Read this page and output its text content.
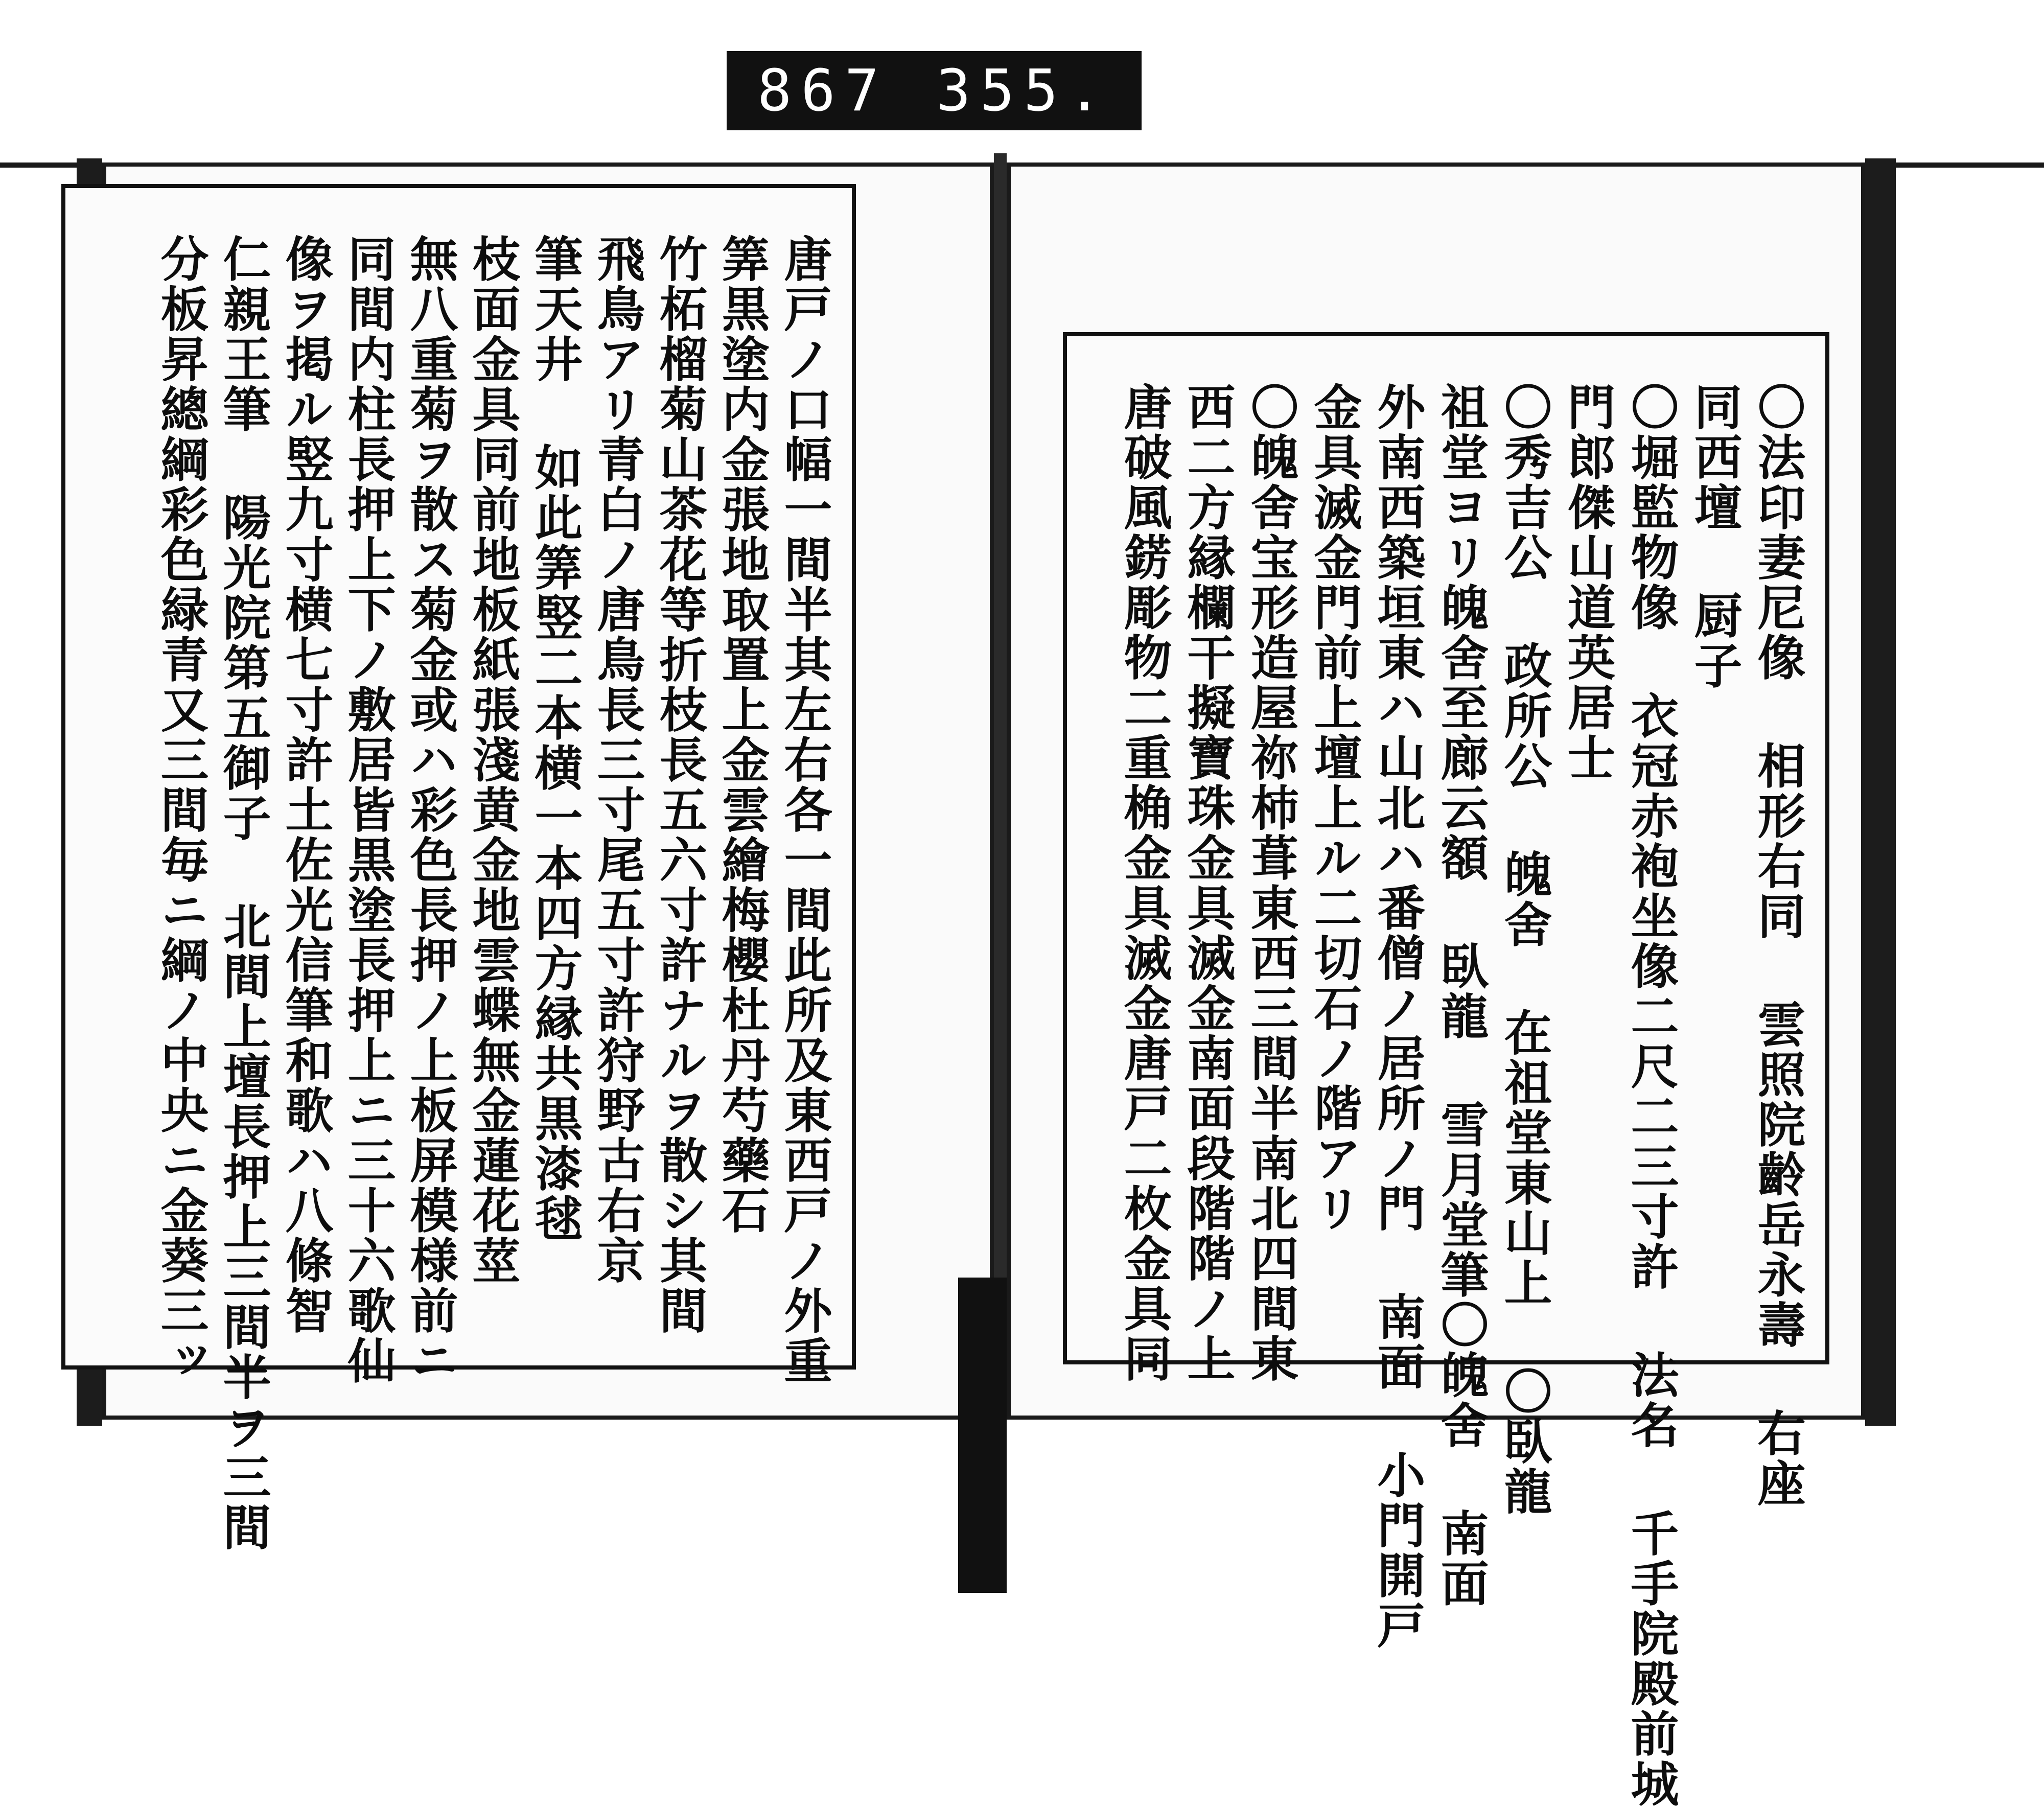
867 355.
唐戸ノ口幅一間半其左右各一間此所及東西戸ノ外重
筭黒塗内金張地取置上金雲繪梅櫻杜丹芍藥石
竹柘榴菊山茶花等折枝長五六寸許ナルヲ散シ其間
飛鳥アリ青白ノ唐鳥長三寸尾五寸許狩野古右京
筆天井 如此筭竪二本横一本四方縁共黒漆毬
枝面金具同前地板紙張淺黄金地雲蝶無金蓮花莖
無八重菊ヲ散ス菊金或ハ彩色長押ノ上板屏模様前ニ
同間内柱長押上下ノ敷居皆黒塗長押上ニ三十六歌仙
像ヲ掲ル竪九寸横七寸許土佐光信筆和歌ハ八條智
仁親王筆 陽光院第五御子 北間上壇長押上三間半ヲ三間
分板昇總綱彩色緑青又三間毎ニ綱ノ中央ニ金葵三ッ	〇法印妻尼像 相形右同 雲照院齡岳永壽 右座
同西壇 厨子
〇堀監物像 衣冠赤袍坐像二尺二三寸許 法名 千手院殿前城
門郎傑山道英居士
〇秀吉公 政所公 魄舍 在祖堂東山上 〇臥龍
祖堂ヨリ魄舍至廊云額 臥龍 雪月堂筆〇魄舍 南面
外南西築垣東ハ山北ハ番僧ノ居所ノ門 南面 小門開戸
金具滅金門前上壇上ル二切石ノ階アリ
〇魄舍宝形造屋祢杮葺東西三間半南北四間東
西二方縁欄干擬寶珠金具滅金南面段階階ノ上
唐破風錺彫物二重桷金具滅金唐戸二枚金具同
